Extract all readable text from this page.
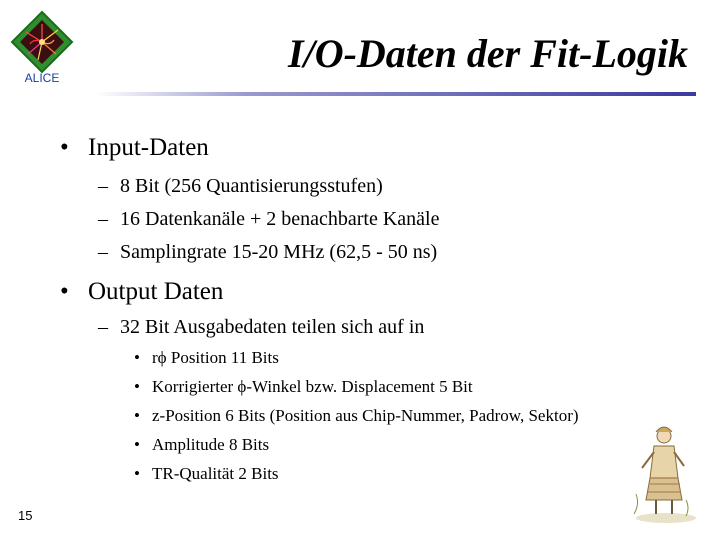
ALICE
I/O-Daten der Fit-Logik
• Input-Daten
– 8 Bit (256 Quantisierungsstufen)
– 16 Datenkanäle + 2 benachbarte Kanäle
– Samplingrate 15-20 MHz (62,5 - 50 ns)
• Output Daten
– 32 Bit Ausgabedaten teilen sich auf in
• rϕ Position 11 Bits
• Korrigierter ϕ-Winkel bzw. Displacement 5 Bit
• z-Position 6 Bits (Position aus Chip-Nummer, Padrow, Sektor)
• Amplitude 8 Bits
• TR-Qualität 2 Bits
15
